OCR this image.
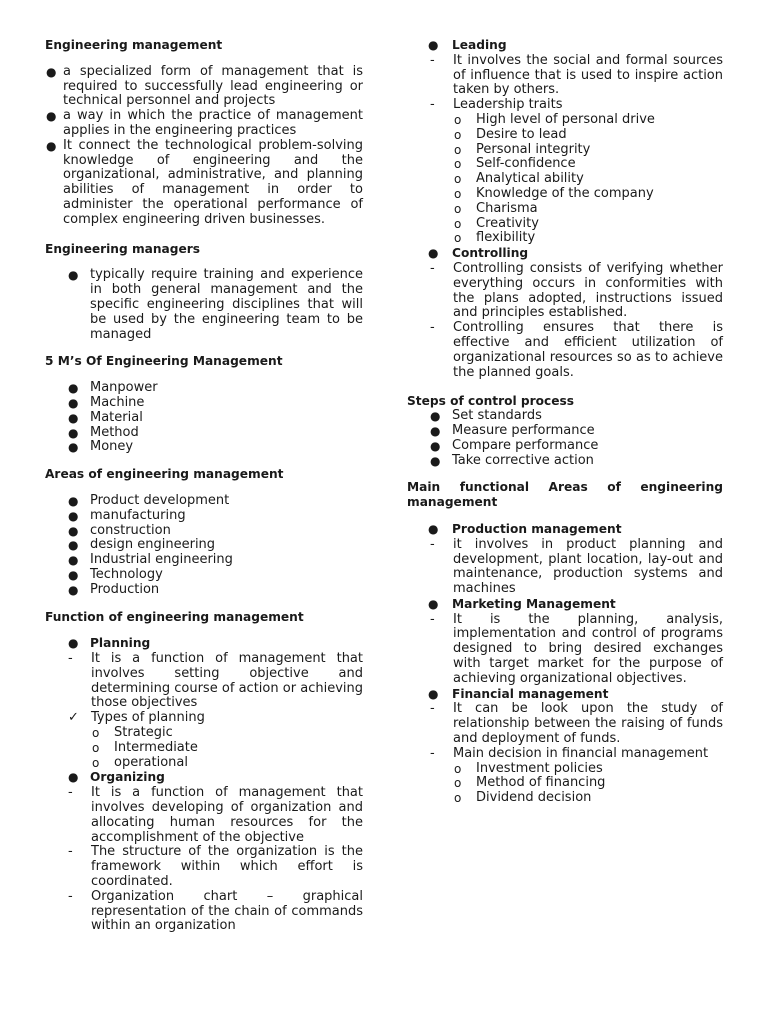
Engineering management

● a specialized form of management that is required to successfully lead engineering or technical personnel and projects
● a way in which the practice of management applies in the engineering practices
● It connect the technological problem-solving knowledge of engineering and the organizational, administrative, and planning abilities of management in order to administer the operational performance of complex engineering driven businesses.

Engineering managers

● typically require training and experience in both general management and the specific engineering disciplines that will be used by the engineering team to be managed

5 M’s Of Engineering Management

● Manpower
● Machine
● Material
● Method
● Money

Areas of engineering management

● Product development
● manufacturing
● construction
● design engineering
● Industrial engineering
● Technology
● Production

Function of engineering management

● Planning
- It is a function of management that involves setting objective and determining course of action or achieving those objectives
✓ Types of planning
o Strategic
o Intermediate
o operational
● Organizing
- It is a function of management that involves developing of organization and allocating human resources for the accomplishment of the objective
- The structure of the organization is the framework within which effort is coordinated.
- Organization chart – graphical representation of the chain of commands within an organization
● Leading
- It involves the social and formal sources of influence that is used to inspire action taken by others.
- Leadership traits
o High level of personal drive
o Desire to lead
o Personal integrity
o Self-confidence
o Analytical ability
o Knowledge of the company
o Charisma
o Creativity
o flexibility
● Controlling
- Controlling consists of verifying whether everything occurs in conformities with the plans adopted, instructions issued and principles established.
- Controlling ensures that there is effective and efficient utilization of organizational resources so as to achieve the planned goals.

Steps of control process

● Set standards
● Measure performance
● Compare performance
● Take corrective action

Main functional Areas of engineering management

● Production management
- it involves in product planning and development, plant location, lay-out and maintenance, production systems and machines
● Marketing Management
- It is the planning, analysis, implementation and control of programs designed to bring desired exchanges with target market for the purpose of achieving organizational objectives.
● Financial management
- It can be look upon the study of relationship between the raising of funds and deployment of funds.
- Main decision in financial management
o Investment policies
o Method of financing
o Dividend decision
